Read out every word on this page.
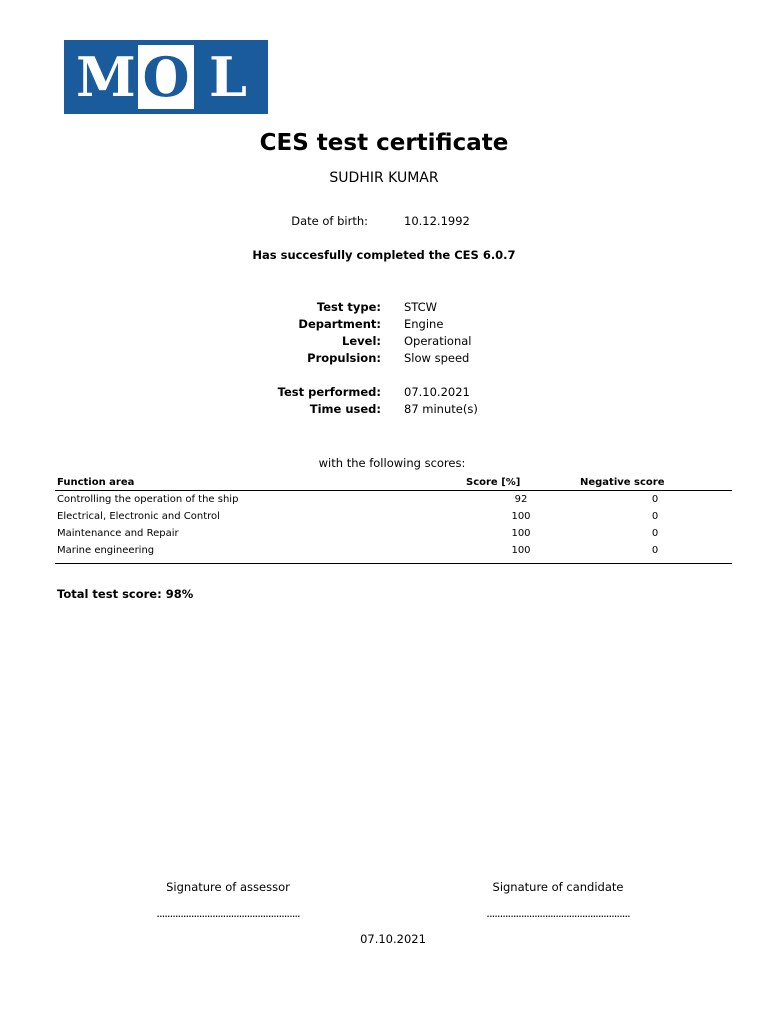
M O L
CES test certificate
SUDHIR KUMAR
Date of birth:	10.12.1992
Has succesfully completed the CES 6.0.7
Test type: STCW
Department: Engine
Level: Operational
Propulsion: Slow speed
Test performed: 07.10.2021
Time used: 87 minute(s)
with the following scores:
Function area	Score [%]	Negative score
Controlling the operation of the ship	92	0
Electrical, Electronic and Control	100	0
Maintenance and Repair	100	0
Marine engineering	100	0
Total test score: 98%
Signature of assessor	Signature of candidate
......................................................	......................................................
07.10.2021
